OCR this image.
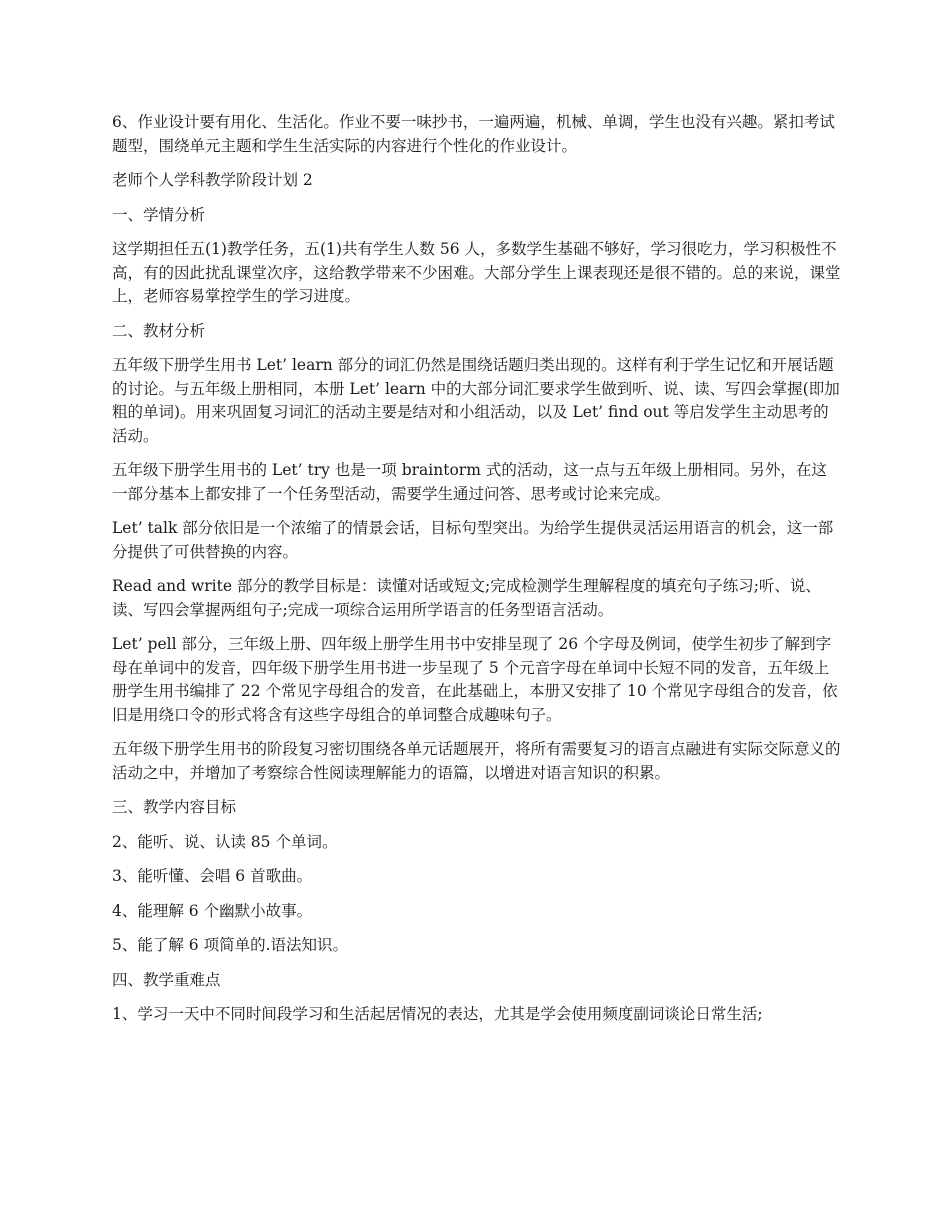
6、作业设计要有用化、生活化。作业不要一味抄书，一遍两遍，机械、单调，学生也没有兴趣。紧扣考试题型，围绕单元主题和学生生活实际的内容进行个性化的作业设计。

老师个人学科教学阶段计划 2

一、学情分析

这学期担任五(1)教学任务，五(1)共有学生人数 56 人，多数学生基础不够好，学习很吃力，学习积极性不高，有的因此扰乱课堂次序，这给教学带来不少困难。大部分学生上课表现还是很不错的。总的来说，课堂上，老师容易掌控学生的学习进度。

二、教材分析

五年级下册学生用书 Let’ learn 部分的词汇仍然是围绕话题归类出现的。这样有利于学生记忆和开展话题的讨论。与五年级上册相同，本册 Let’ learn 中的大部分词汇要求学生做到听、说、读、写四会掌握(即加粗的单词)。用来巩固复习词汇的活动主要是结对和小组活动，以及 Let’ find out 等启发学生主动思考的活动。

五年级下册学生用书的 Let’ try 也是一项 braintorm 式的活动，这一点与五年级上册相同。另外，在这一部分基本上都安排了一个任务型活动，需要学生通过问答、思考或讨论来完成。

Let’ talk 部分依旧是一个浓缩了的情景会话，目标句型突出。为给学生提供灵活运用语言的机会，这一部分提供了可供替换的内容。

Read and write 部分的教学目标是：读懂对话或短文;完成检测学生理解程度的填充句子练习;听、说、读、写四会掌握两组句子;完成一项综合运用所学语言的任务型语言活动。

Let’ pell 部分，三年级上册、四年级上册学生用书中安排呈现了 26 个字母及例词，使学生初步了解到字母在单词中的发音，四年级下册学生用书进一步呈现了 5 个元音字母在单词中长短不同的发音，五年级上册学生用书编排了 22 个常见字母组合的发音，在此基础上，本册又安排了 10 个常见字母组合的发音，依旧是用绕口令的形式将含有这些字母组合的单词整合成趣味句子。

五年级下册学生用书的阶段复习密切围绕各单元话题展开，将所有需要复习的语言点融进有实际交际意义的活动之中，并增加了考察综合性阅读理解能力的语篇，以增进对语言知识的积累。

三、教学内容目标

2、能听、说、认读 85 个单词。

3、能听懂、会唱 6 首歌曲。

4、能理解 6 个幽默小故事。

5、能了解 6 项简单的.语法知识。

四、教学重难点

1、学习一天中不同时间段学习和生活起居情况的表达，尤其是学会使用频度副词谈论日常生活;
